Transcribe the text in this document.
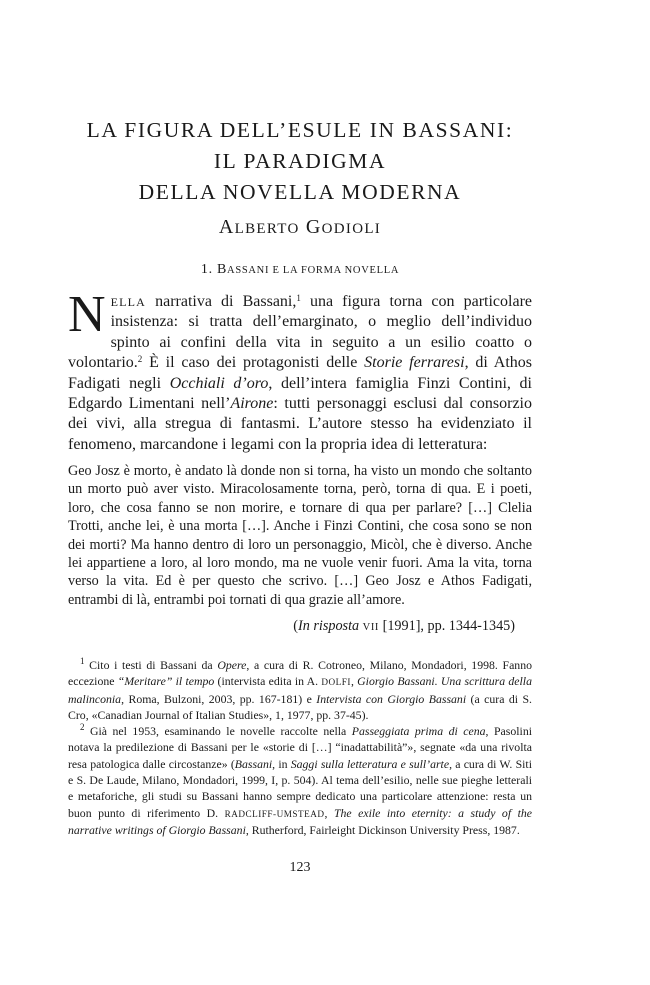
LA FIGURA DELL’ESULE IN BASSANI:
IL PARADIGMA
DELLA NOVELLA MODERNA
ALBERTO GODIOLI
1. BASSANI E LA FORMA NOVELLA
NELLA narrativa di Bassani,$^1$ una figura torna con particolare insistenza: si tratta dell’emarginato, o meglio dell’individuo spinto ai confini della vita in seguito a un esilio coatto o volontario.$^2$ È il caso dei protagonisti delle Storie ferraresi, di Athos Fadigati negli Occhiali d’oro, dell’intera famiglia Finzi Contini, di Edgardo Limentani nell’Airone: tutti personaggi esclusi dal consorzio dei vivi, alla stregua di fantasmi. L’autore stesso ha evidenziato il fenomeno, marcandone i legami con la propria idea di letteratura:
Geo Josz è morto, è andato là donde non si torna, ha visto un mondo che soltanto un morto può aver visto. Miracolosamente torna, però, torna di qua. E i poeti, loro, che cosa fanno se non morire, e tornare di qua per parlare? […] Clelia Trotti, anche lei, è una morta […]. Anche i Finzi Contini, che cosa sono se non dei morti? Ma hanno dentro di loro un personaggio, Micòl, che è diverso. Anche lei appartiene a loro, al loro mondo, ma ne vuole venir fuori. Ama la vita, torna verso la vita. Ed è per questo che scrivo. […] Geo Josz e Athos Fadigati, entrambi di là, entrambi poi tornati di qua grazie all’amore.
(In risposta VII [1991], pp. 1344-1345)

$^1$ Cito i testi di Bassani da Opere, a cura di R. Cotroneo, Milano, Mondadori, 1998. Fanno eccezione “Meritare” il tempo (intervista edita in A. DOLFI, Giorgio Bassani. Una scrittura della malinconia, Roma, Bulzoni, 2003, pp. 167-181) e Intervista con Giorgio Bassani (a cura di S. Cro, «Canadian Journal of Italian Studies», 1, 1977, pp. 37-45).

$^2$ Già nel 1953, esaminando le novelle raccolte nella Passeggiata prima di cena, Pasolini notava la predilezione di Bassani per le «storie di […] “inadattabilità”», segnate «da una rivolta resa patologica dalle circostanze» (Bassani, in Saggi sulla letteratura e sull’arte, a cura di W. Siti e S. De Laude, Milano, Mondadori, 1999, I, p. 504). Al tema dell’esilio, nelle sue pieghe letterali e metaforiche, gli studi su Bassani hanno sempre dedicato una particolare attenzione: resta un buon punto di riferimento D. RADCLIFF-UMSTEAD, The exile into eternity: a study of the narrative writings of Giorgio Bassani, Rutherford, Fairleight Dickinson University Press, 1987.

123
